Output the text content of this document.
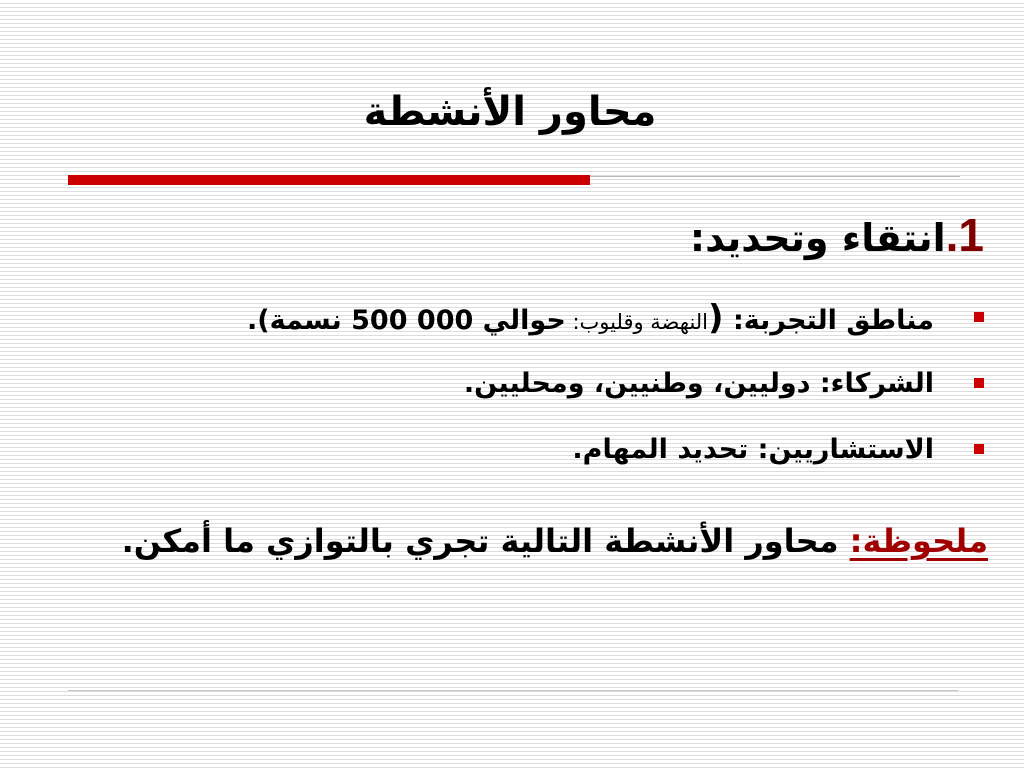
محاور الأنشطة
1.انتقاء وتحديد:
مناطق التجربة: (النهضة وقليوب: حوالي 000 500 نسمة).
الشركاء: دوليين، وطنيين، ومحليين.
الاستشاريين: تحديد المهام.
ملحوظة: محاور الأنشطة التالية تجري بالتوازي ما أمكن.
